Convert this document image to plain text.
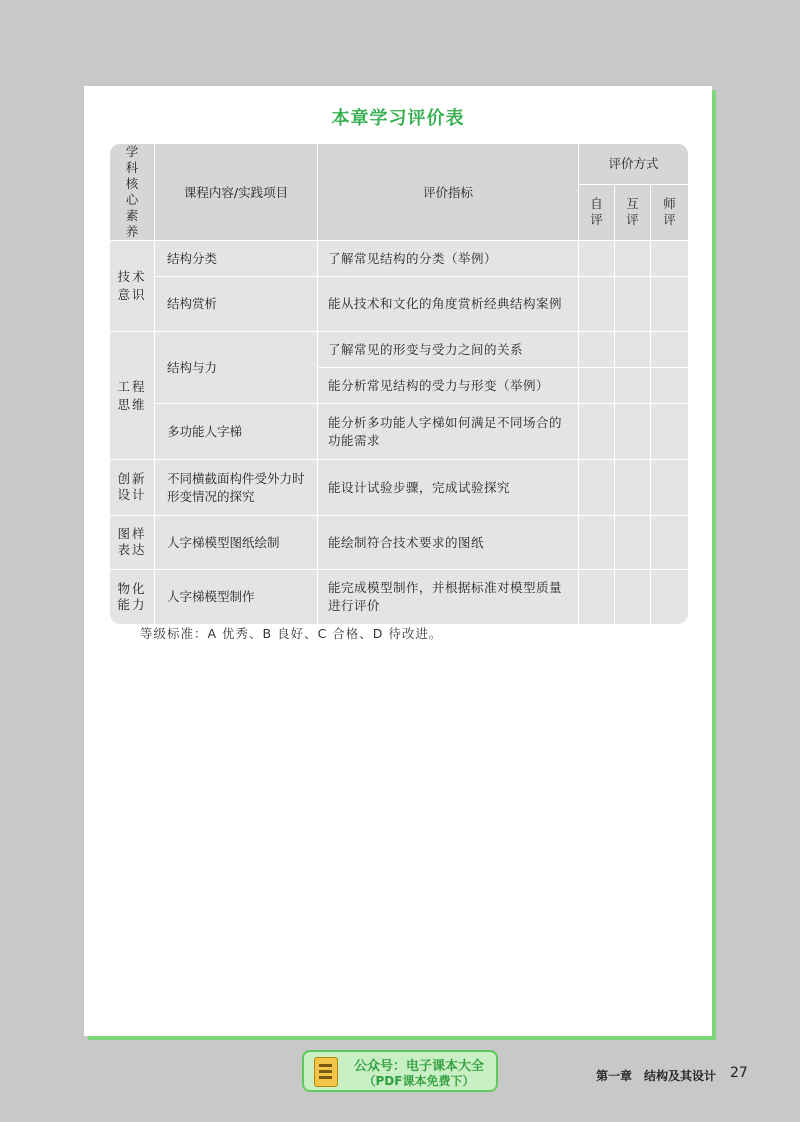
本章学习评价表
学科核心素养	课程内容/实践项目	评价指标	评价方式		
			自评	互评	师评
技术意识	结构分类	了解常见结构的分类（举例）			
	结构赏析	能从技术和文化的角度赏析经典结构案例			
工程思维	结构与力	了解常见的形变与受力之间的关系			
		能分析常见结构的受力与形变（举例）			
	多功能人字梯	能分析多功能人字梯如何满足不同场合的功能需求			
创新设计	不同横截面构件受外力时形变情况的探究	能设计试验步骤，完成试验探究			
图样表达	人字梯模型图纸绘制	能绘制符合技术要求的图纸			
物化能力	人字梯模型制作	能完成模型制作，并根据标准对模型质量进行评价			
等级标准：A 优秀、B 良好、C 合格、D 待改进。
公众号：电子课本大全
（PDF课本免费下）	第一章　结构及其设计 27
